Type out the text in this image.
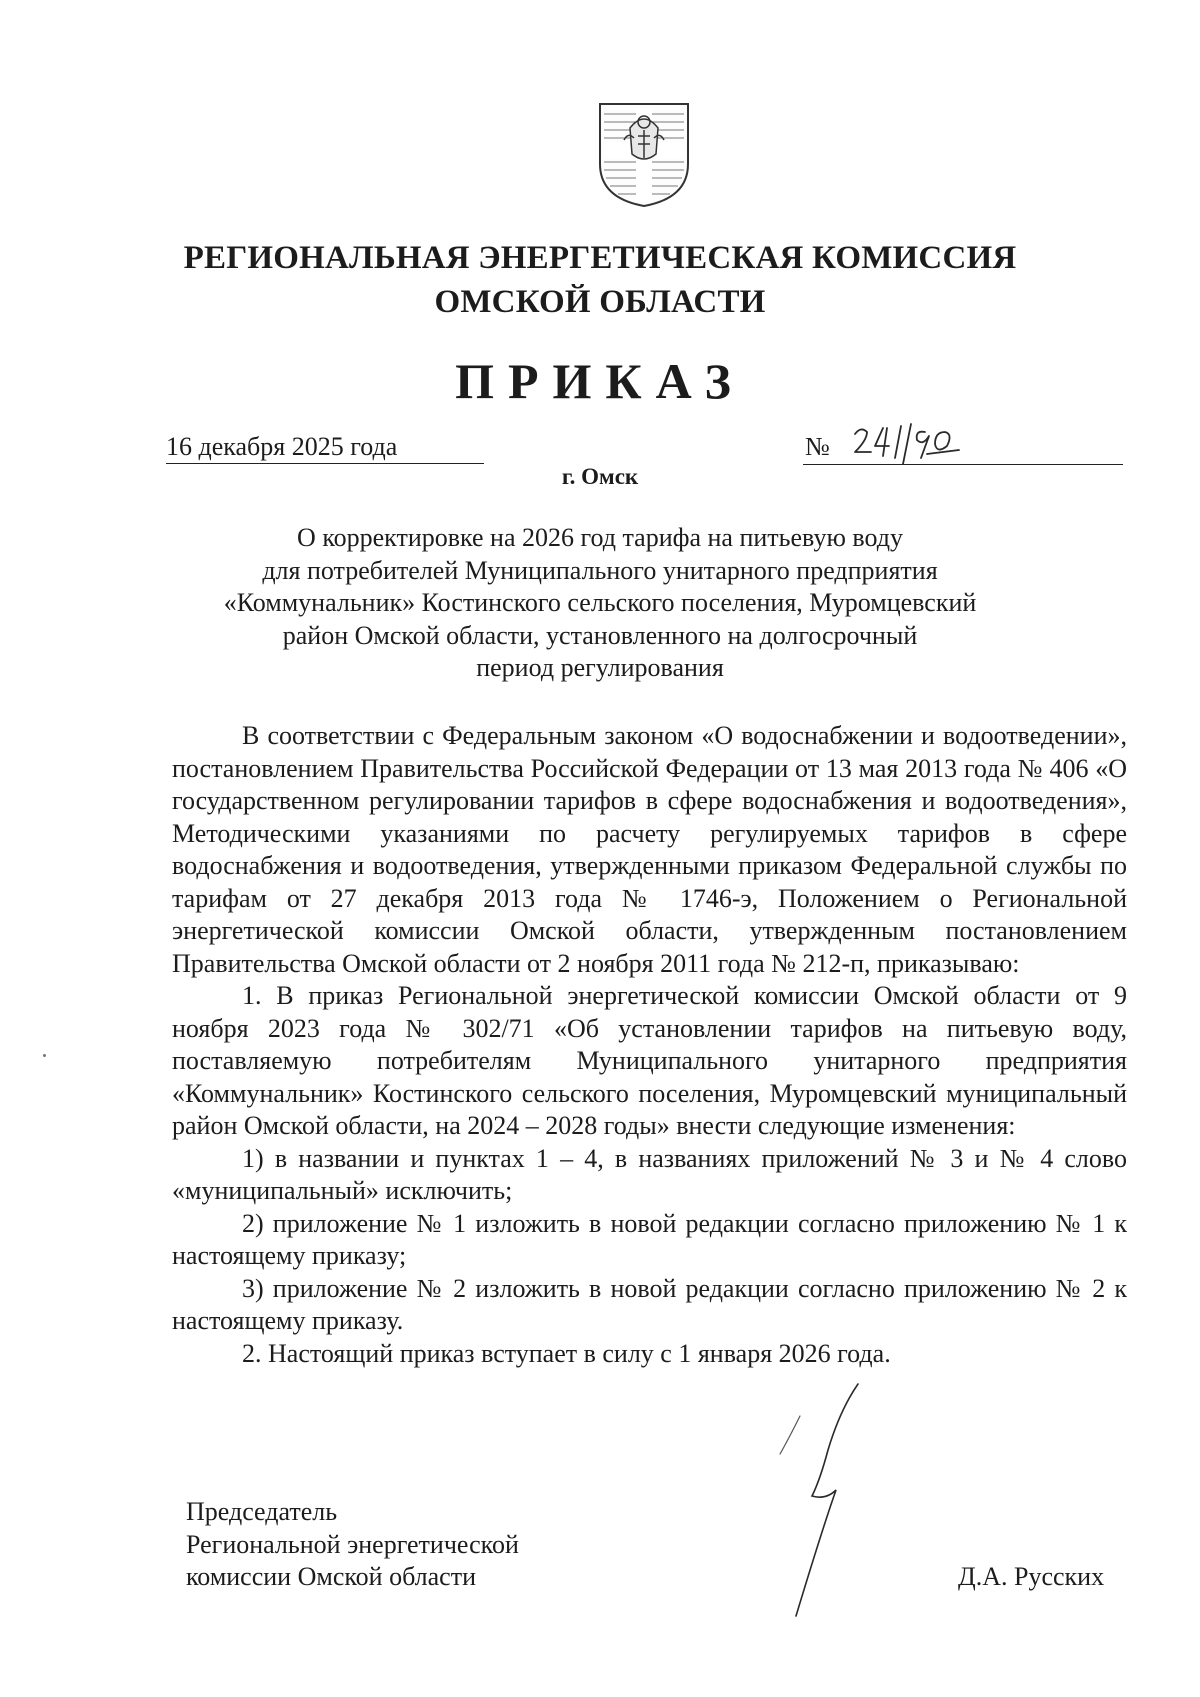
РЕГИОНАЛЬНАЯ ЭНЕРГЕТИЧЕСКАЯ КОМИССИЯ
ОМСКОЙ ОБЛАСТИ
ПРИКАЗ
16 декабря 2025 года	№
г. Омск
О корректировке на 2026 год тарифа на питьевую воду
для потребителей Муниципального унитарного предприятия
«Коммунальник» Костинского сельского поселения, Муромцевский
район Омской области, установленного на долгосрочный
период регулирования

В соответствии с Федеральным законом «О водоснабжении и водоотведении», постановлением Правительства Российской Федерации от 13 мая 2013 года № 406 «О государственном регулировании тарифов в сфере водоснабжения и водоотведения», Методическими указаниями по расчету регулируемых тарифов в сфере водоснабжения и водоотведения, утвержденными приказом Федеральной службы по тарифам от 27 декабря 2013 года № 1746-э, Положением о Региональной энергетической комиссии Омской области, утвержденным постановлением Правительства Омской области от 2 ноября 2011 года № 212-п, приказываю:

1. В приказ Региональной энергетической комиссии Омской области от 9 ноября 2023 года № 302/71 «Об установлении тарифов на питьевую воду, поставляемую потребителям Муниципального унитарного предприятия «Коммунальник» Костинского сельского поселения, Муромцевский муниципальный район Омской области, на 2024 – 2028 годы» внести следующие изменения:

1) в названии и пунктах 1 – 4, в названиях приложений № 3 и № 4 слово «муниципальный» исключить;

2) приложение № 1 изложить в новой редакции согласно приложению № 1 к настоящему приказу;

3) приложение № 2 изложить в новой редакции согласно приложению № 2 к настоящему приказу.

2. Настоящий приказ вступает в силу с 1 января 2026 года.

Председатель
Региональной энергетической
комиссии Омской области	Д.А. Русских
